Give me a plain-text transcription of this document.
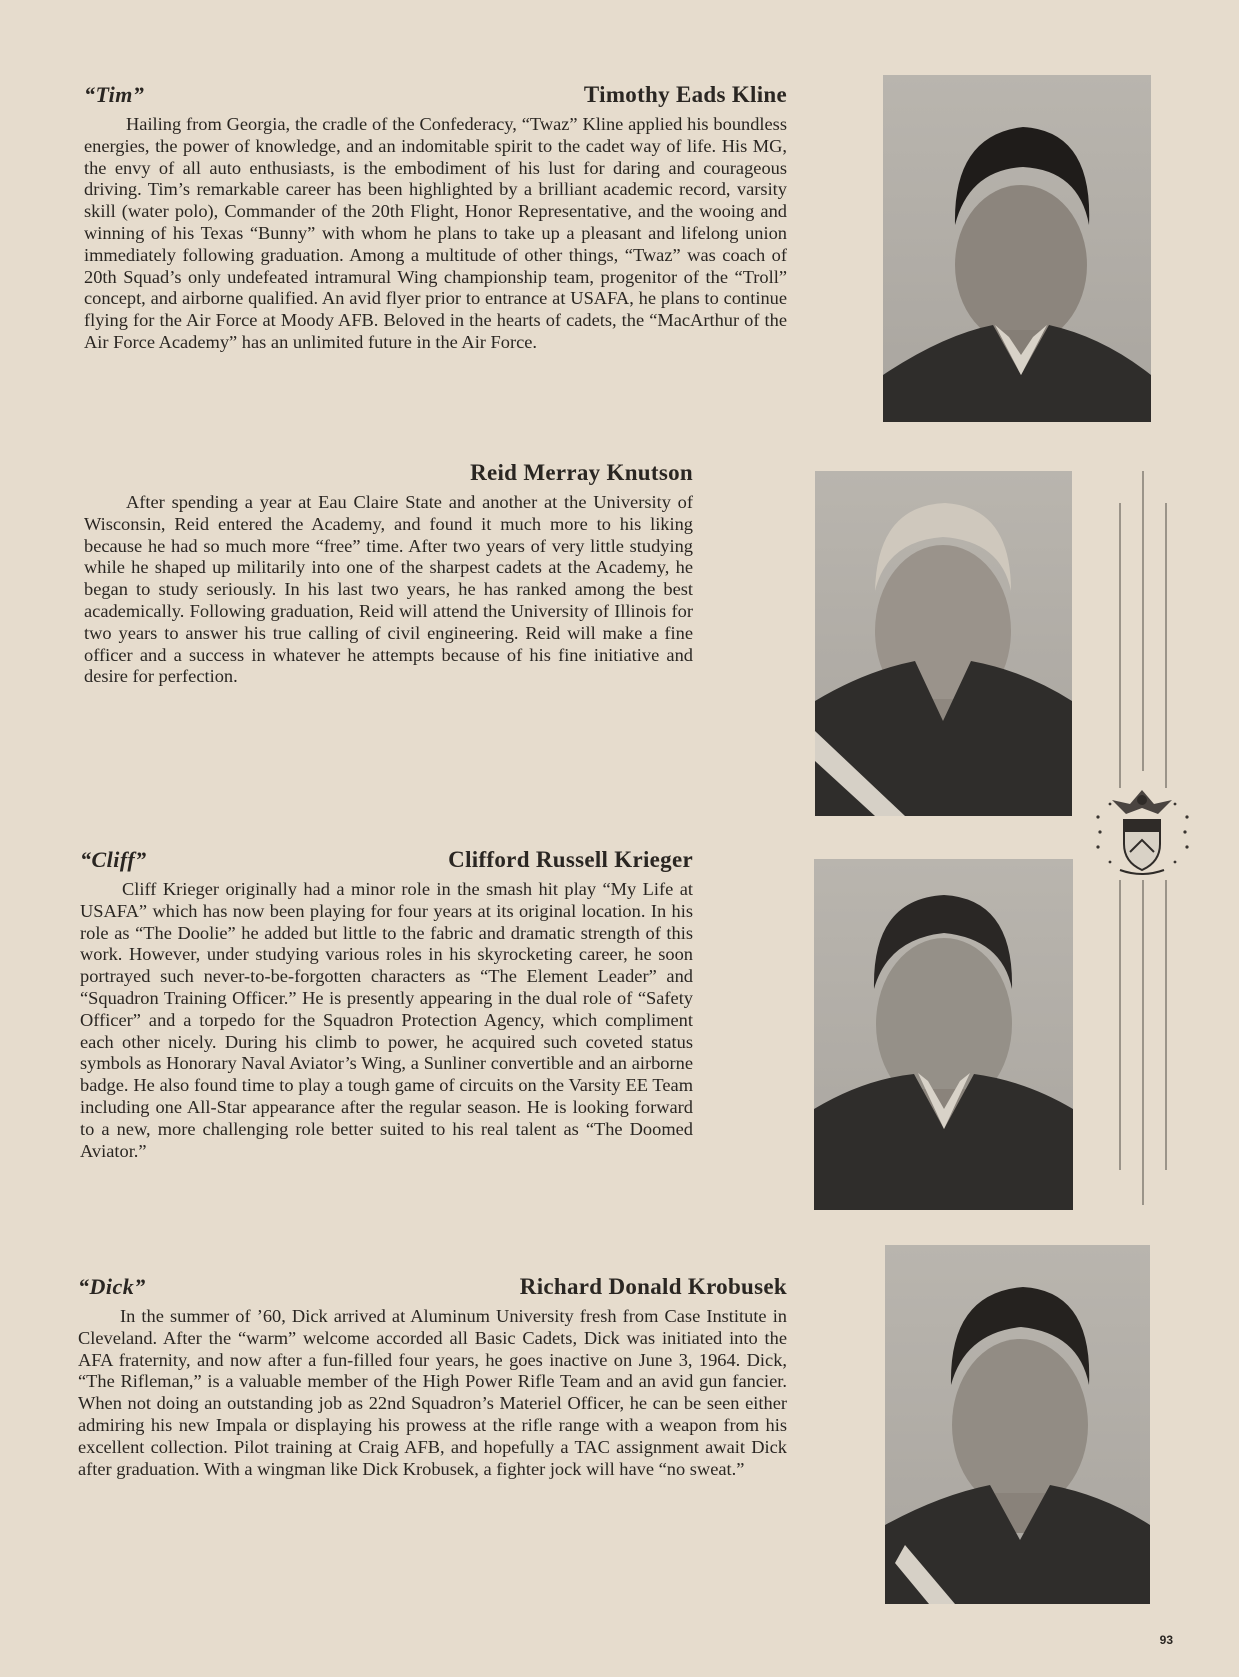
“Tim”	Timothy Eads Kline

Hailing from Georgia, the cradle of the Confederacy, “Twaz” Kline applied his boundless energies, the power of knowledge, and an indomitable spirit to the cadet way of life. His MG, the envy of all auto enthusiasts, is the embodiment of his lust for daring and courageous driving. Tim’s remarkable career has been highlighted by a brilliant academic record, varsity skill (water polo), Commander of the 20th Flight, Honor Representative, and the wooing and winning of his Texas “Bunny” with whom he plans to take up a pleasant and lifelong union immediately following graduation. Among a multitude of other things, “Twaz” was coach of 20th Squad’s only undefeated intramural Wing championship team, progenitor of the “Troll” concept, and airborne qualified. An avid flyer prior to entrance at USAFA, he plans to continue flying for the Air Force at Moody AFB. Beloved in the hearts of cadets, the “MacArthur of the Air Force Academy” has an unlimited future in the Air Force.

Reid Merray Knutson

After spending a year at Eau Claire State and another at the University of Wisconsin, Reid entered the Academy, and found it much more to his liking because he had so much more “free” time. After two years of very little studying while he shaped up militarily into one of the sharpest cadets at the Academy, he began to study seriously. In his last two years, he has ranked among the best academically. Following graduation, Reid will attend the University of Illinois for two years to answer his true calling of civil engineering. Reid will make a fine officer and a success in whatever he attempts because of his fine initiative and desire for perfection.

“Cliff”	Clifford Russell Krieger

Cliff Krieger originally had a minor role in the smash hit play “My Life at USAFA” which has now been playing for four years at its original location. In his role as “The Doolie” he added but little to the fabric and dramatic strength of this work. However, under studying various roles in his skyrocketing career, he soon portrayed such never-to-be-forgotten characters as “The Element Leader” and “Squadron Training Officer.” He is presently appearing in the dual role of “Safety Officer” and a torpedo for the Squadron Protection Agency, which compliment each other nicely. During his climb to power, he acquired such coveted status symbols as Honorary Naval Aviator’s Wing, a Sunliner convertible and an airborne badge. He also found time to play a tough game of circuits on the Varsity EE Team including one All-Star appearance after the regular season. He is looking forward to a new, more challenging role better suited to his real talent as “The Doomed Aviator.”

“Dick”	Richard Donald Krobusek

In the summer of ’60, Dick arrived at Aluminum University fresh from Case Institute in Cleveland. After the “warm” welcome accorded all Basic Cadets, Dick was initiated into the AFA fraternity, and now after a fun-filled four years, he goes inactive on June 3, 1964. Dick, “The Rifleman,” is a valuable member of the High Power Rifle Team and an avid gun fancier. When not doing an outstanding job as 22nd Squadron’s Materiel Officer, he can be seen either admiring his new Impala or displaying his prowess at the rifle range with a weapon from his excellent collection. Pilot training at Craig AFB, and hopefully a TAC assignment await Dick after graduation. With a wingman like Dick Krobusek, a fighter jock will have “no sweat.”

93
